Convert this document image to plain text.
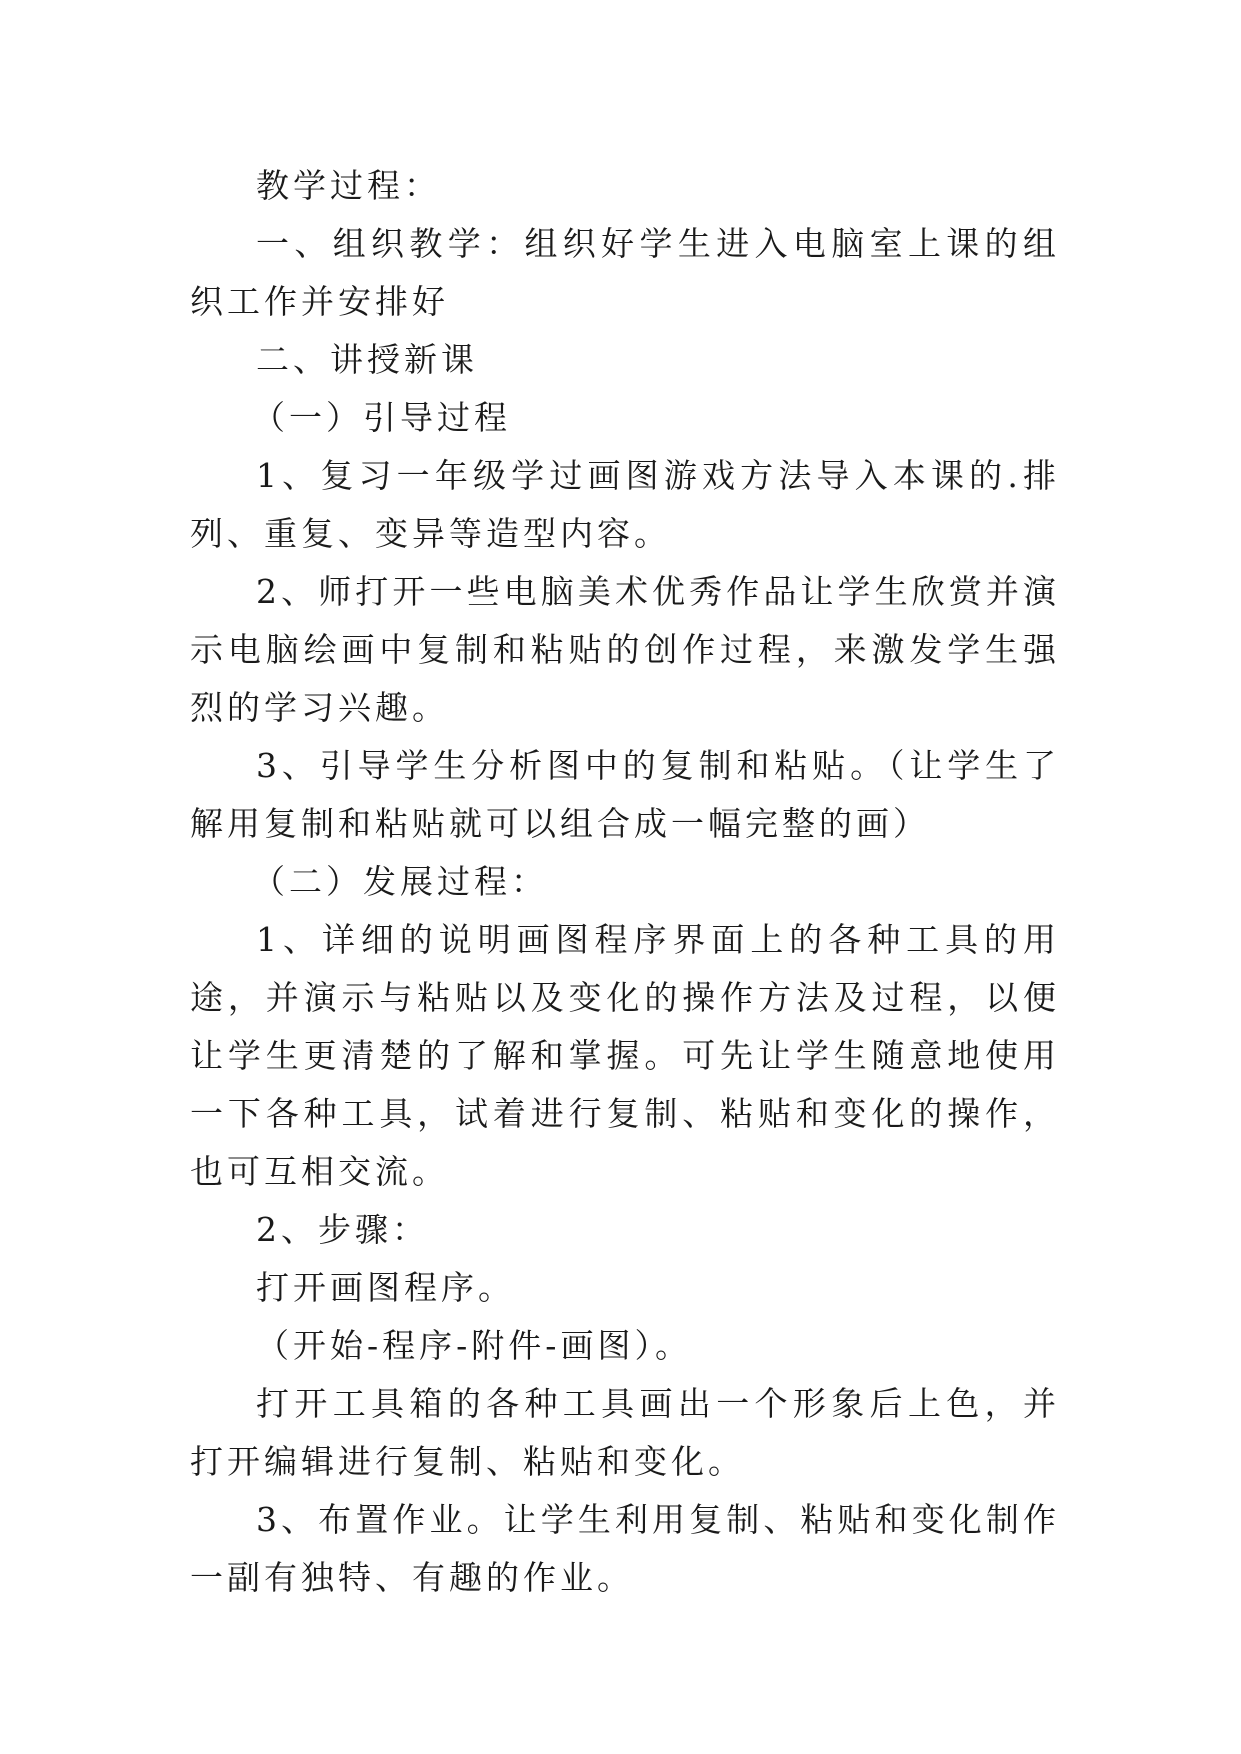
教学过程：

一、组织教学：组织好学生进入电脑室上课的组织工作并安排好

二、讲授新课

（一）引导过程

1、复习一年级学过画图游戏方法导入本课的.排列、重复、变异等造型内容。

2、师打开一些电脑美术优秀作品让学生欣赏并演示电脑绘画中复制和粘贴的创作过程，来激发学生强烈的学习兴趣。

3、引导学生分析图中的复制和粘贴。（让学生了解用复制和粘贴就可以组合成一幅完整的画）

（二）发展过程：

1、详细的说明画图程序界面上的各种工具的用途，并演示与粘贴以及变化的操作方法及过程，以便让学生更清楚的了解和掌握。可先让学生随意地使用一下各种工具，试着进行复制、粘贴和变化的操作，也可互相交流。

2、步骤：

打开画图程序。

（开始-程序-附件-画图）。

打开工具箱的各种工具画出一个形象后上色，并打开编辑进行复制、粘贴和变化。

3、布置作业。让学生利用复制、粘贴和变化制作一副有独特、有趣的作业。
